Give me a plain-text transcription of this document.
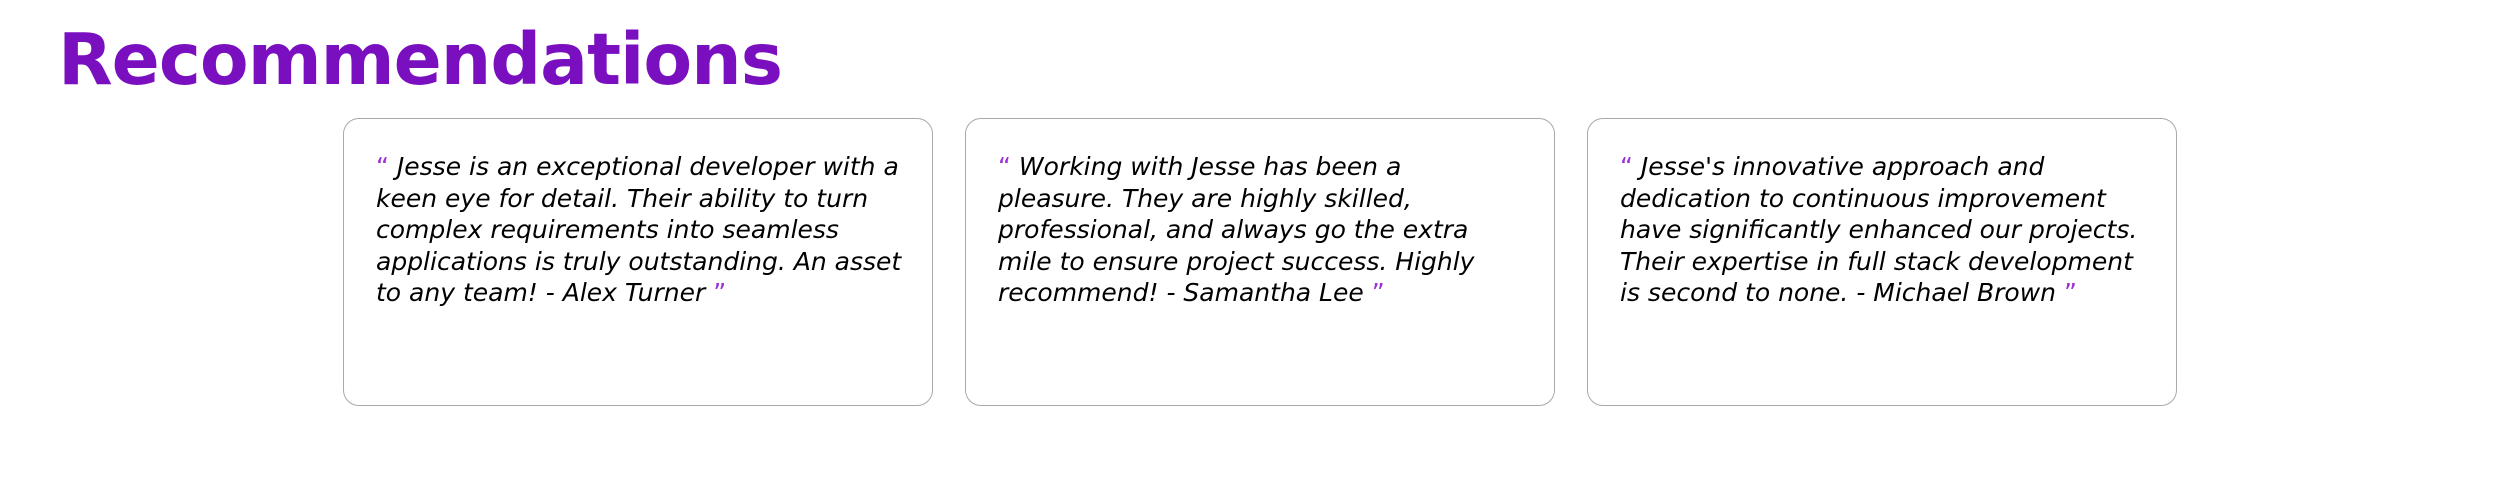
Recommendations

“ Jesse is an exceptional developer with a keen eye for detail. Their ability to turn complex requirements into seamless applications is truly outstanding. An asset to any team! - Alex Turner ”

“ Working with Jesse has been a pleasure. They are highly skilled, professional, and always go the extra mile to ensure project success. Highly recommend! - Samantha Lee ”

“ Jesse's innovative approach and dedication to continuous improvement have significantly enhanced our projects. Their expertise in full stack development is second to none. - Michael Brown ”
